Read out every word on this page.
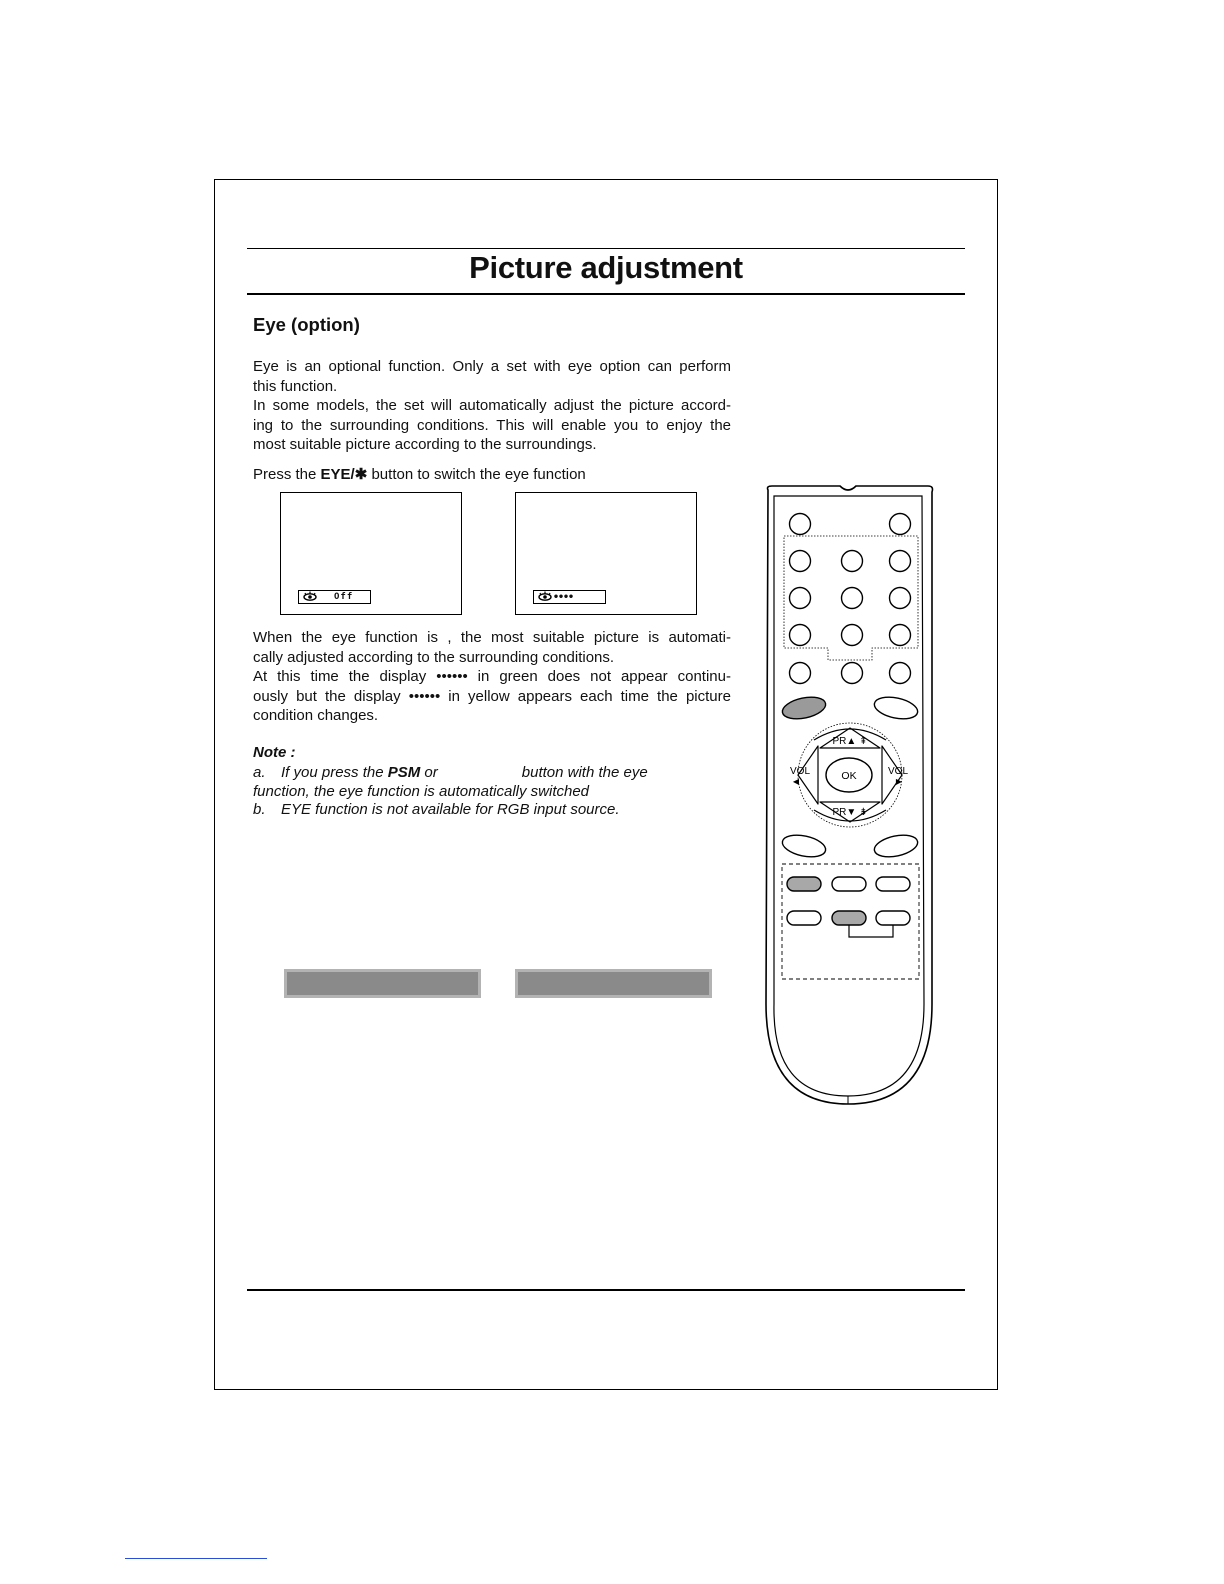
Picture adjustment
Eye (option)
Eye is an optional function. Only a set with eye option can perform
this function.
In some models, the set will automatically adjust the picture accord-
ing to the surrounding conditions. This will enable you to enjoy the
most suitable picture according to the surroundings.
Press the EYE/✱ button to switch the eye function
Off	••••
When the eye function is , the most suitable picture is automati-
cally adjusted according to the surrounding conditions.
At this time the display •••••• in green does not appear continu-
ously but the display •••••• in yellow appears each time the picture
condition changes.
Note :
a. If you press the PSM or	button with the eye
function, the eye function is automatically switched
b. EYE function is not available for RGB input source.
OK
PR▲ ⇞
PR▼ ⇟
VOL
◀
VOL
▶
